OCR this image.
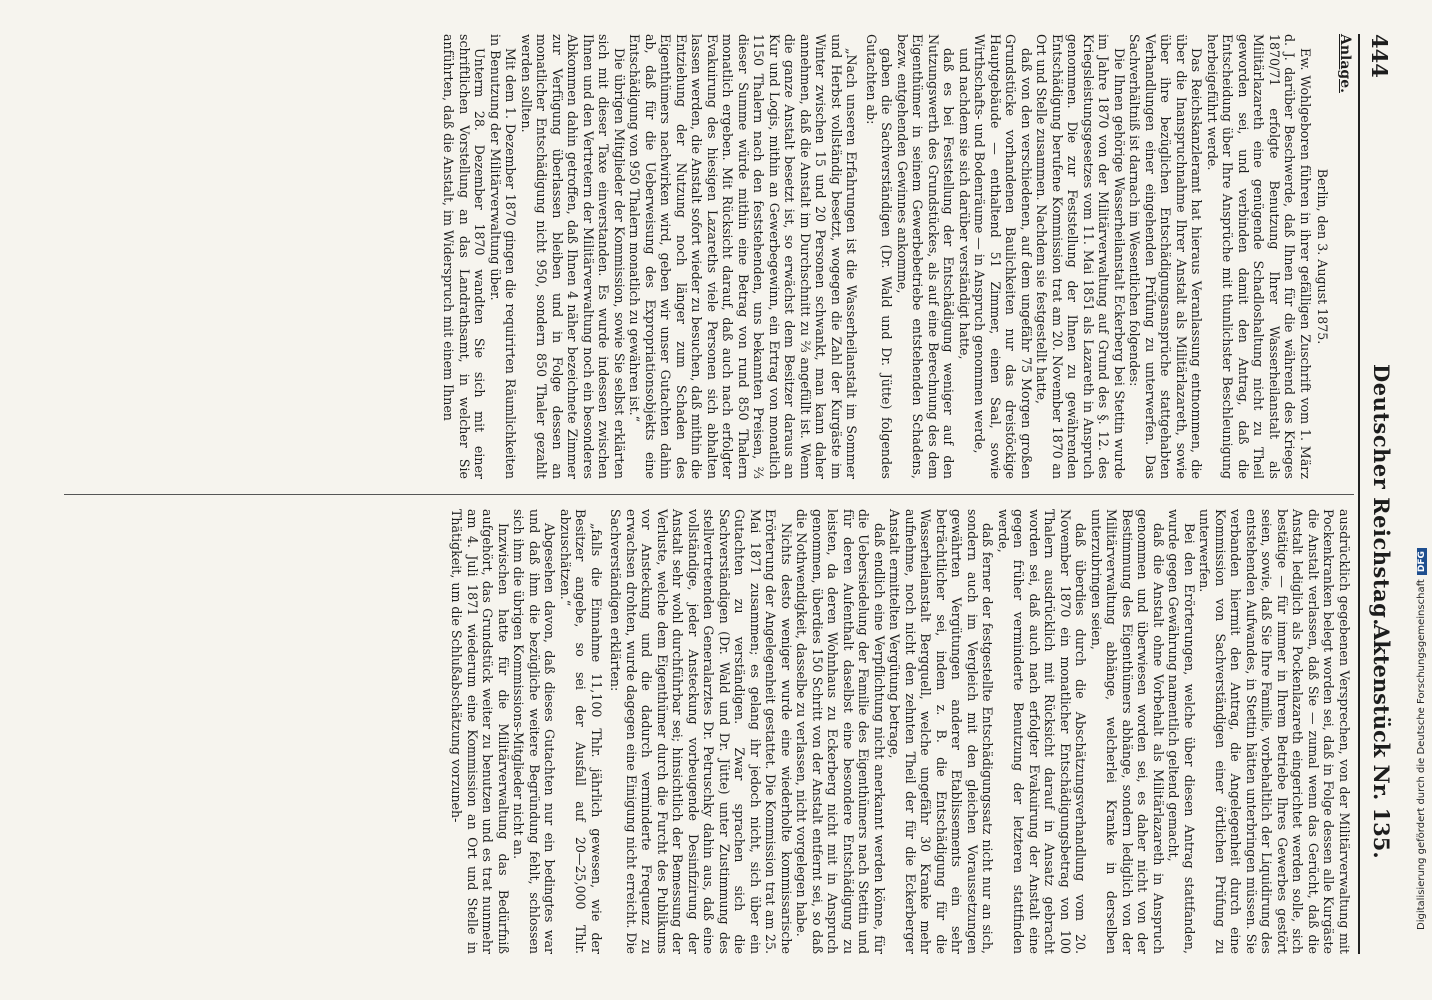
444
Deutscher Reichstag.
Aktenstück Nr. 135.
Anlage.
Berlin, den 3. August 1875.

Ew. Wohlgeboren führen in ihrer gefälligen Zuschrift vom 1. März d. J. darüber Beschwerde, daß Ihnen für die während des Krieges 1870/71 erfolgte Benutzung Ihrer Wasserheilanstalt als Militärlazareth eine genügende Schadloshaltung nicht zu Theil geworden sei, und verbinden damit den Antrag, daß die Entscheidung über Ihre Ansprüche mit thunlichster Beschleunigung herbeigeführt werde.

Das Reichskanzleramt hat hieraus Veranlassung entnommen, die über die Inanspruchnahme Ihrer Anstalt als Militärlazareth, sowie über ihre bezüglichen Entschädigungsansprüche stattgehabten Verhandlungen einer eingehenden Prüfung zu unterwerfen. Das Sachverhältniß ist darnach im Wesentlichen folgendes:

Die Ihnen gehörige Wasserheilanstalt Eckerberg bei Stettin wurde im Jahre 1870 von der Militärverwaltung auf Grund des §. 12. des Kriegsleistungsgesetzes vom 11. Mai 1851 als Lazareth in Anspruch genommen. Die zur Feststellung der Ihnen zu gewährenden Entschädigung berufene Kommission trat am 20. November 1870 an Ort und Stelle zusammen. Nachdem sie festgestellt hatte,

daß von den verschiedenen, auf dem ungefähr 75 Morgen großen Grundstücke vorhandenen Baulichkeiten nur das dreistöckige Hauptgebäude — enthaltend 51 Zimmer, einen Saal, sowie Wirthschafts- und Bodenräume — in Anspruch genommen werde,

und nachdem sie sich darüber verständigt hatte,

daß es bei Feststellung der Entschädigung weniger auf den Nutzungswerth des Grundstückes, als auf eine Berechnung des dem Eigenthümer in seinem Gewerbebetriebe entstehenden Schadens, bezw. entgehenden Gewinnes ankomme,

gaben die Sachverständigen (Dr. Wald und Dr. Jütte) folgendes Gutachten ab:

„Nach unseren Erfahrungen ist die Wasserheilanstalt im Sommer und Herbst vollständig besetzt, wogegen die Zahl der Kurgäste im Winter zwischen 15 und 20 Personen schwankt, man kann daher annehmen, daß die Anstalt im Durchschnitt zu ⅔ angefüllt ist. Wenn die ganze Anstalt besetzt ist, so erwächst dem Besitzer daraus an Kur und Logis, mithin an Gewerbegewinn, ein Ertrag von monatlich 1150 Thalern nach den feststehenden, uns bekannten Preisen, ⅔ dieser Summe würde mithin eine Betrag von rund 850 Thalern monatlich ergeben. Mit Rücksicht darauf, daß auch nach erfolgter Evakuirung des hiesigen Lazareths viele Personen sich abhalten lassen werden, die Anstalt sofort wieder zu besuchen, daß mithin die Entziehung der Nutzung noch länger zum Schaden des Eigenthümers nachwirken wird, geben wir unser Gutachten dahin ab, daß für die Ueberweisung des Expropriationsobjekts eine Entschädigung von 950 Thalern monatlich zu gewähren ist.“

Die übrigen Mitglieder der Kommission, sowie Sie selbst erklärten sich mit dieser Taxe einverstanden. Es wurde indessen zwischen Ihnen und den Vertretern der Militärverwaltung noch ein besonderes Abkommen dahin getroffen, daß Ihnen 4 näher bezeichnete Zimmer zur Verfügung überlassen bleiben und in Folge dessen an monatlicher Entschädigung nicht 950, sondern 850 Thaler gezahlt werden sollten.

Mit dem 1. Dezember 1870 gingen die requirirten Räumlichkeiten in Benutzung der Militärverwaltung über.

Unterm 28. Dezember 1870 wandten Sie sich mit einer schriftlichen Vorstellung an das Landrathsamt, in welcher Sie anführten, daß die Anstalt, im Widerspruch mit einem Ihnen

ausdrücklich gegebenen Versprechen, von der Militärverwaltung mit Pockenkranken belegt worden sei, daß in Folge dessen alle Kurgäste die Anstalt verlassen, daß Sie — zumal wenn das Gerücht, daß die Anstalt lediglich als Pockenlazareth eingerichtet werden solle, sich bestätige — für immer in Ihrem Betriebe Ihres Gewerbes gestört seien, sowie, daß Sie Ihre Familie, vorbehaltlich der Liquidirung des entstehenden Aufwandes, in Stettin hätten unterbringen müssen. Sie verbanden hiermit den Antrag, die Angelegenheit durch eine Kommission von Sachverständigen einer örtlichen Prüfung zu unterwerfen.

Bei den Erörterungen, welche über diesen Antrag stattfanden, wurde gegen Gewährung namentlich geltend gemacht,

daß die Anstalt ohne Vorbehalt als Militärlazareth in Anspruch genommen und überwiesen worden sei, es daher nicht von der Bestimmung des Eigenthümers abhänge, sondern lediglich von der Militärverwaltung abhänge, welcherlei Kranke in derselben unterzubringen seien,

daß überdies durch die Abschätzungsverhandlung vom 20. November 1870 ein monatlicher Entschädigungsbetrag von 100 Thalern ausdrücklich mit Rücksicht darauf in Ansatz gebracht worden sei, daß auch nach erfolgter Evakuirung der Anstalt eine gegen früher verminderte Benutzung der letzteren stattfinden werde,

daß ferner der festgestellte Entschädigungssatz nicht nur an sich, sondern auch im Vergleich mit den gleichen Voraussetzungen gewährten Vergütungen anderer Etablissements ein sehr beträchtlicher sei, indem z. B. die Entschädigung für die Wasserheilanstalt Bergquell, welche ungefähr 30 Kranke mehr aufnehme, noch nicht den zehnten Theil der für die Eckerberger Anstalt ermittelten Vergütung betrage,

daß endlich eine Verpflichtung nicht anerkannt werden könne, für die Uebersiedelung der Familie des Eigenthümers nach Stettin und für deren Aufenthalt daselbst eine besondere Entschädigung zu leisten, da deren Wohnhaus zu Eckerberg nicht mit in Anspruch genommen, überdies 150 Schritt von der Anstalt entfernt sei, so daß die Nothwendigkeit, dasselbe zu verlassen, nicht vorgelegen habe.

Nichts desto weniger wurde eine wiederholte kommissarische Erörterung der Angelegenheit gestattet. Die Kommission trat am 25. Mai 1871 zusammen; es gelang ihr jedoch nicht, sich über ein Gutachten zu verständigen. Zwar sprachen sich die Sachverständigen (Dr. Wald und Dr. Jütte) unter Zustimmung des stellvertretenden Generalarztes Dr. Petruschky dahin aus, daß eine vollständige, jeder Ansteckung vorbeugende Desinfizirung der Anstalt sehr wohl durchführbar sei; hinsichtlich der Bemessung der Verluste, welche dem Eigenthümer durch die Furcht des Publikums vor Ansteckung und die dadurch verminderte Frequenz zu erwachsen drohten, wurde dagegen eine Einigung nicht erreicht. Die Sachverständigen erklärten:

„falls die Einnahme 11,100 Thlr. jährlich gewesen, wie der Besitzer angebe, so sei der Ausfall auf 20—25,000 Thlr. abzuschätzen.“

Abgesehen davon, daß dieses Gutachten nur ein bedingtes war und daß ihm die bezügliche weitere Begründung fehlt, schlossen sich ihm die übrigen Kommissions-Mitglieder nicht an.

Inzwischen hatte für die Militärverwaltung das Bedürfniß aufgehört, das Grundstück weiter zu benutzen und es trat nunmehr am 4. Juli 1871 wiederum eine Kommission an Ort und Stelle in Thätigkeit, um die Schlußabschätzung vorzuneh-	Digitalisierung gefördert durch die Deutsche ForschungsgemeinschaftDFG
